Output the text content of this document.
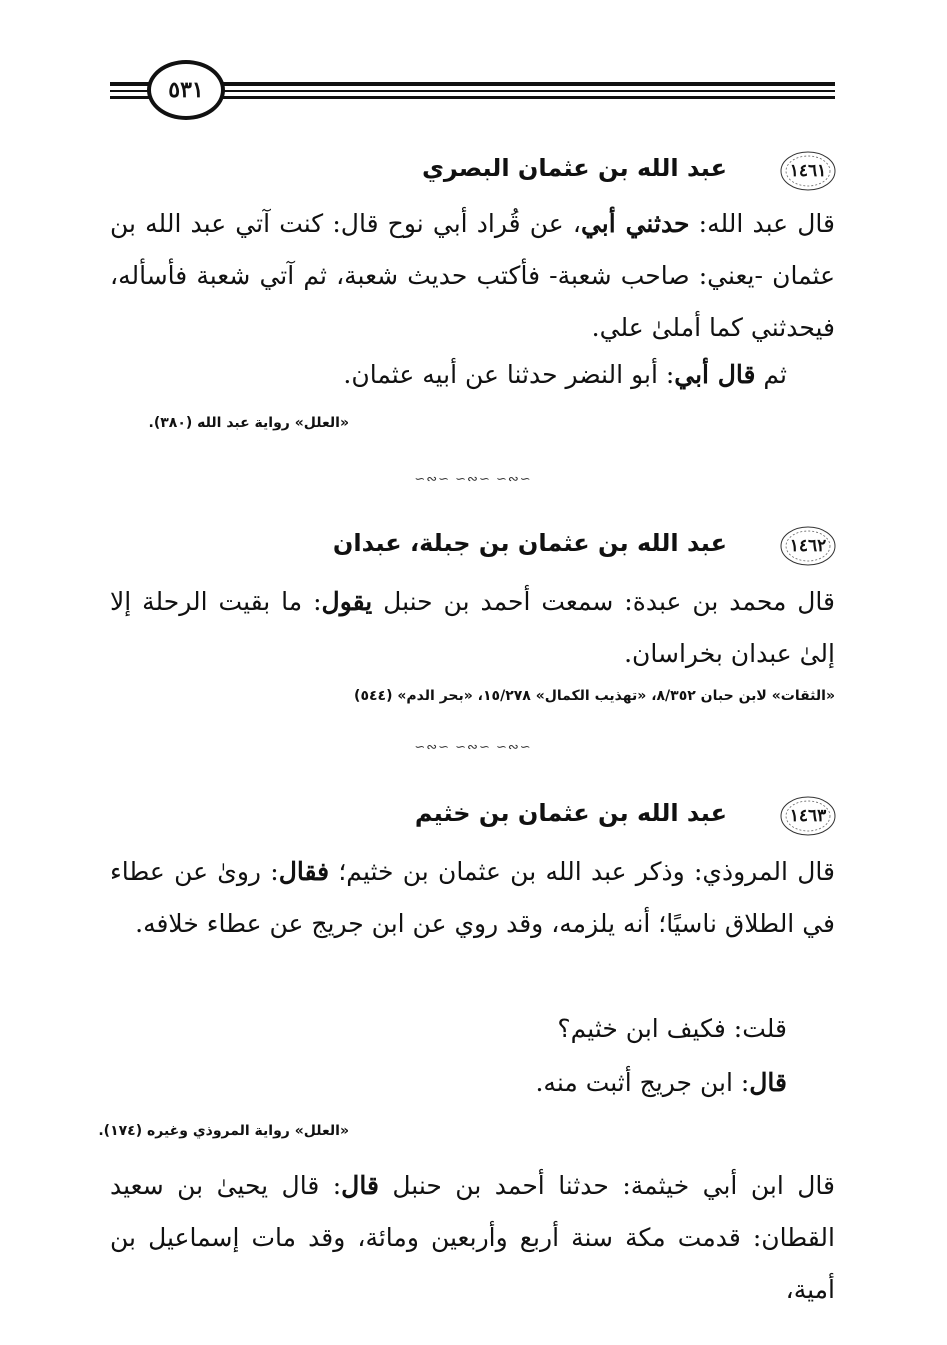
٥٣١
١٤٦١
عبد الله بن عثمان البصري
قال عبد الله: حدثني أبي، عن قُراد أبي نوح قال: كنت آتي عبد الله بن عثمان -يعني: صاحب شعبة- فأكتب حديث شعبة، ثم آتي شعبة فأسأله، فيحدثني كما أملىٰ علي.
ثم قال أبي: أبو النضر حدثنا عن أبيه عثمان.
«العلل» رواية عبد الله (٣٨٠).
∽∾∽ ∽∾∽ ∽∾∽
١٤٦٢
عبد الله بن عثمان بن جبلة، عبدان
قال محمد بن عبدة: سمعت أحمد بن حنبل يقول: ما بقيت الرحلة إلا إلىٰ عبدان بخراسان.
«الثقات» لابن حبان ٨/٣٥٢، «تهذيب الكمال» ١٥/٢٧٨، «بحر الدم» (٥٤٤)
∽∾∽ ∽∾∽ ∽∾∽
١٤٦٣
عبد الله بن عثمان بن خثيم
قال المروذي: وذكر عبد الله بن عثمان بن خثيم؛ فقال: روىٰ عن عطاء في الطلاق ناسيًا؛ أنه يلزمه، وقد روي عن ابن جريج عن عطاء خلافه.
قلت: فكيف ابن خثيم؟
قال: ابن جريج أثبت منه.
«العلل» رواية المروذي وغيره (١٧٤).
قال ابن أبي خيثمة: حدثنا أحمد بن حنبل قال: قال يحيىٰ بن سعيد القطان: قدمت مكة سنة أربع وأربعين ومائة، وقد مات إسماعيل بن أمية،
